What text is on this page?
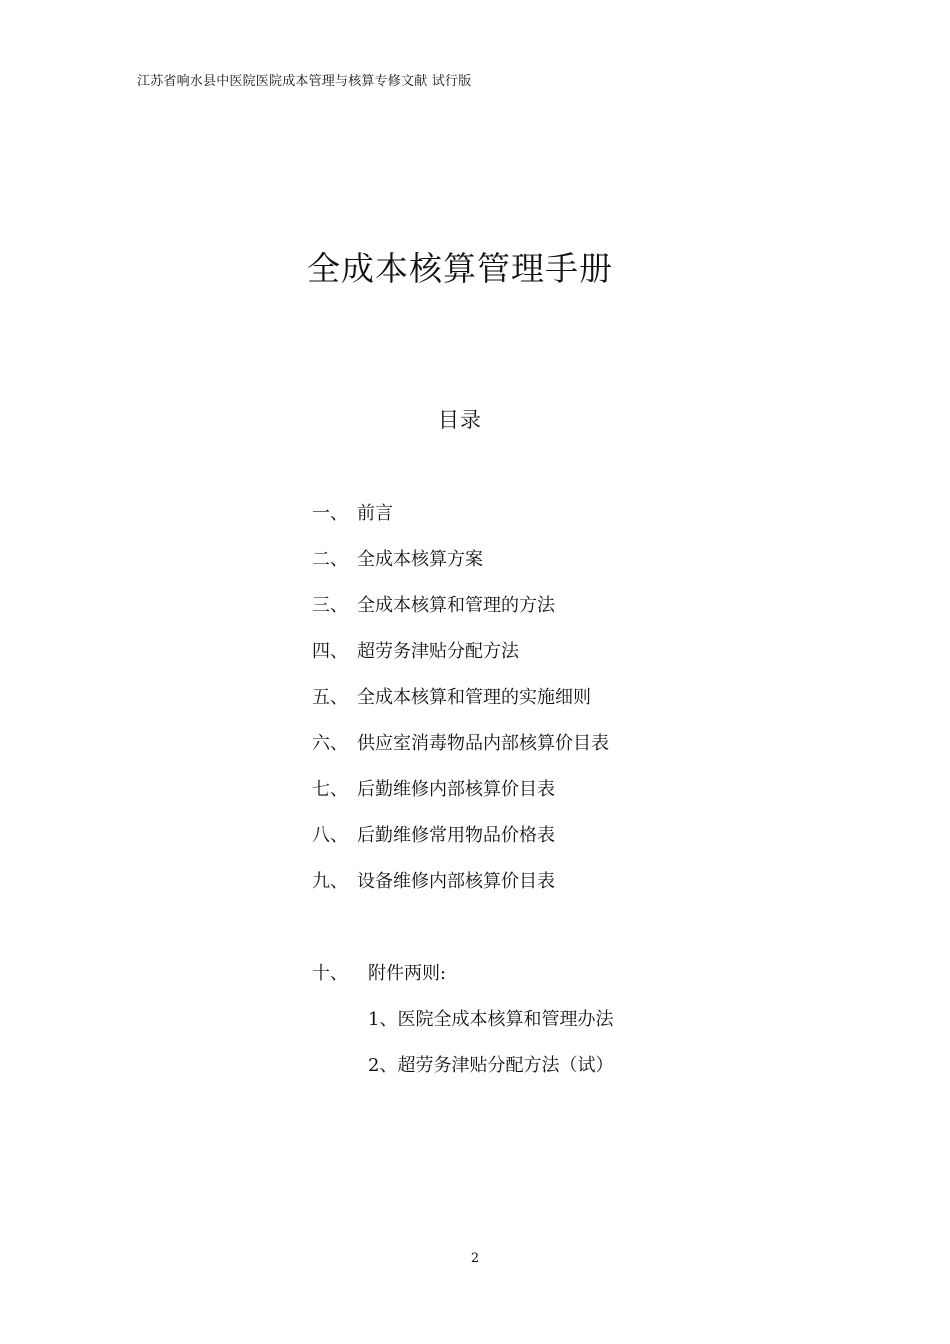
江苏省响水县中医院医院成本管理与核算专修文献 试行版
全成本核算管理手册
目录
一、 前言
二、 全成本核算方案
三、 全成本核算和管理的方法
四、 超劳务津贴分配方法
五、 全成本核算和管理的实施细则
六、 供应室消毒物品内部核算价目表
七、 后勤维修内部核算价目表
八、 后勤维修常用物品价格表
九、 设备维修内部核算价目表
十、 附件两则:
1、医院全成本核算和管理办法
2、超劳务津贴分配方法（试）
2
